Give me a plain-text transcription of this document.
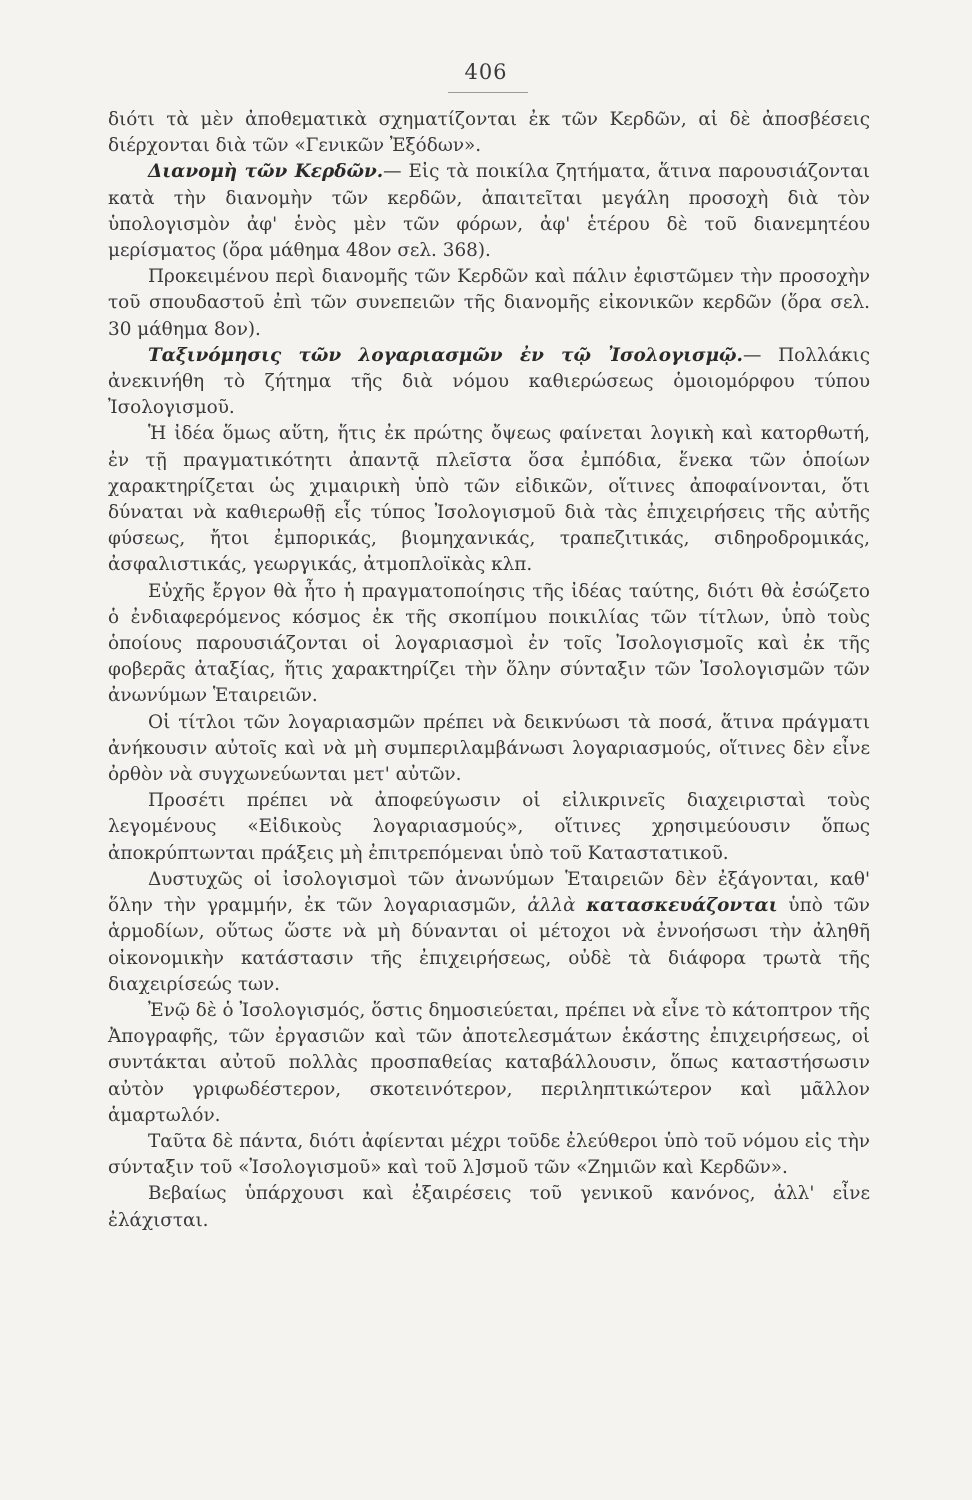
406

διότι τὰ μὲν ἀποθεματικὰ σχηματίζονται ἐκ τῶν Κερδῶν, αἱ δὲ ἀποσβέσεις διέρχονται διὰ τῶν «Γενικῶν Ἐξόδων».

Διανομὴ τῶν Κερδῶν.— Εἰς τὰ ποικίλα ζητήματα, ἅτινα παρουσιάζονται κατὰ τὴν διανομὴν τῶν κερδῶν, ἀπαιτεῖται μεγάλη προσοχὴ διὰ τὸν ὑπολογισμὸν ἀφ' ἑνὸς μὲν τῶν φόρων, ἀφ' ἑτέρου δὲ τοῦ διανεμητέου μερίσματος (ὅρα μάθημα 48ον σελ. 368).

Προκειμένου περὶ διανομῆς τῶν Κερδῶν καὶ πάλιν ἐφιστῶμεν τὴν προσοχὴν τοῦ σπουδαστοῦ ἐπὶ τῶν συνεπειῶν τῆς διανομῆς εἰκονικῶν κερδῶν (ὅρα σελ. 30 μάθημα 8ον).

Ταξινόμησις τῶν λογαριασμῶν ἐν τῷ Ἰσολογισμῷ.— Πολλάκις ἀνεκινήθη τὸ ζήτημα τῆς διὰ νόμου καθιερώσεως ὁμοιομόρφου τύπου Ἰσολογισμοῦ.

Ἡ ἰδέα ὅμως αὕτη, ἥτις ἐκ πρώτης ὄψεως φαίνεται λογικὴ καὶ κατορθωτή, ἐν τῇ πραγματικότητι ἀπαντᾷ πλεῖστα ὅσα ἐμπόδια, ἕνεκα τῶν ὁποίων χαρακτηρίζεται ὡς χιμαιρικὴ ὑπὸ τῶν εἰδικῶν, οἵτινες ἀποφαίνονται, ὅτι δύναται νὰ καθιερωθῇ εἷς τύπος Ἰσολογισμοῦ διὰ τὰς ἐπιχειρήσεις τῆς αὐτῆς φύσεως, ἤτοι ἐμπορικάς, βιομηχανικάς, τραπεζιτικάς, σιδηροδρομικάς, ἀσφαλιστικάς, γεωργικάς, ἀτμοπλοϊκὰς κλπ.

Εὐχῆς ἔργον θὰ ἦτο ἡ πραγματοποίησις τῆς ἰδέας ταύτης, διότι θὰ ἐσώζετο ὁ ἐνδιαφερόμενος κόσμος ἐκ τῆς σκοπίμου ποικιλίας τῶν τίτλων, ὑπὸ τοὺς ὁποίους παρουσιάζονται οἱ λογαριασμοὶ ἐν τοῖς Ἰσολογισμοῖς καὶ ἐκ τῆς φοβερᾶς ἀταξίας, ἥτις χαρακτηρίζει τὴν ὅλην σύνταξιν τῶν Ἰσολογισμῶν τῶν ἀνωνύμων Ἑταιρειῶν.

Οἱ τίτλοι τῶν λογαριασμῶν πρέπει νὰ δεικνύωσι τὰ ποσά, ἅτινα πράγματι ἀνήκουσιν αὐτοῖς καὶ νὰ μὴ συμπεριλαμβάνωσι λογαριασμούς, οἵτινες δὲν εἶνε ὀρθὸν νὰ συγχωνεύωνται μετ' αὐτῶν.

Προσέτι πρέπει νὰ ἀποφεύγωσιν οἱ εἰλικρινεῖς διαχειρισταὶ τοὺς λεγομένους «Εἰδικοὺς λογαριασμούς», οἵτινες χρησιμεύουσιν ὅπως ἀποκρύπτωνται πράξεις μὴ ἐπιτρεπόμεναι ὑπὸ τοῦ Καταστατικοῦ.

Δυστυχῶς οἱ ἰσολογισμοὶ τῶν ἀνωνύμων Ἑταιρειῶν δὲν ἐξάγονται, καθ' ὅλην τὴν γραμμήν, ἐκ τῶν λογαριασμῶν, ἀλλὰ κατασκευάζονται ὑπὸ τῶν ἁρμοδίων, οὕτως ὥστε νὰ μὴ δύνανται οἱ μέτοχοι νὰ ἐννοήσωσι τὴν ἀληθῆ οἰκονομικὴν κατάστασιν τῆς ἐπιχειρήσεως, οὐδὲ τὰ διάφορα τρωτὰ τῆς διαχειρίσεώς των.

Ἐνῷ δὲ ὁ Ἰσολογισμός, ὅστις δημοσιεύεται, πρέπει νὰ εἶνε τὸ κάτοπτρον τῆς Ἀπογραφῆς, τῶν ἐργασιῶν καὶ τῶν ἀποτελεσμάτων ἑκάστης ἐπιχειρήσεως, οἱ συντάκται αὐτοῦ πολλὰς προσπαθείας καταβάλλουσιν, ὅπως καταστήσωσιν αὐτὸν γριφωδέστερον, σκοτεινότερον, περιληπτικώτερον καὶ μᾶλλον ἁμαρτωλόν.

Ταῦτα δὲ πάντα, διότι ἀφίενται μέχρι τοῦδε ἐλεύθεροι ὑπὸ τοῦ νόμου εἰς τὴν σύνταξιν τοῦ «Ἰσολογισμοῦ» καὶ τοῦ λ]σμοῦ τῶν «Ζημιῶν καὶ Κερδῶν».

Βεβαίως ὑπάρχουσι καὶ ἐξαιρέσεις τοῦ γενικοῦ κανόνος, ἀλλ' εἶνε ἐλάχισται.
